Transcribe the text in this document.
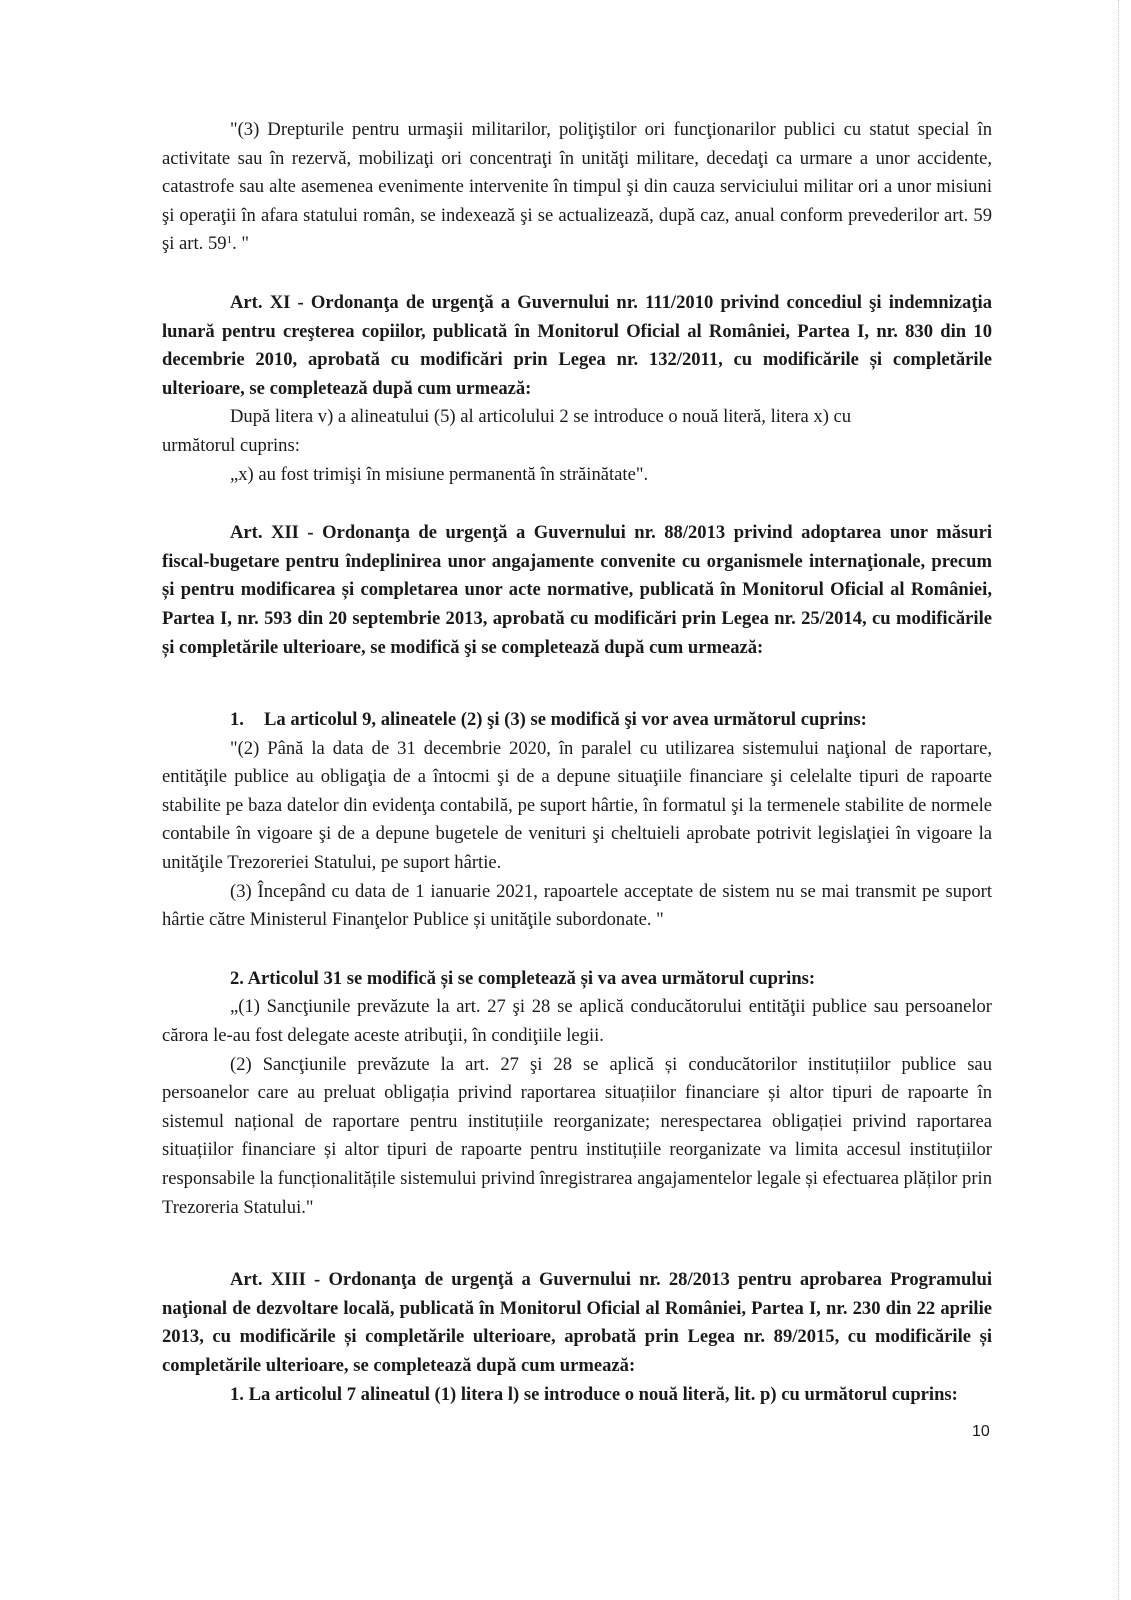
"(3) Drepturile pentru urmaşii militarilor, poliţiştilor ori funcţionarilor publici cu statut special în activitate sau în rezervă, mobilizaţi ori concentraţi în unităţi militare, decedaţi ca urmare a unor accidente, catastrofe sau alte asemenea evenimente intervenite în timpul şi din cauza serviciului militar ori a unor misiuni şi operaţii în afara statului român, se indexează şi se actualizează, după caz, anual conform prevederilor art. 59 şi art. $59^1$. "

Art. XI - Ordonanţa de urgenţă a Guvernului nr. 111/2010 privind concediul şi indemnizaţia lunară pentru creşterea copiilor, publicată în Monitorul Oficial al României, Partea I, nr. 830 din 10 decembrie 2010, aprobată cu modificări prin Legea nr. 132/2011, cu modificările și completările ulterioare, se completează după cum urmează:

După litera v) a alineatului (5) al articolului 2 se introduce o nouă literă, litera x) cu

următorul cuprins:

„x) au fost trimişi în misiune permanentă în străinătate".

Art. XII - Ordonanţa de urgenţă a Guvernului nr. 88/2013 privind adoptarea unor măsuri fiscal-bugetare pentru îndeplinirea unor angajamente convenite cu organismele internaţionale, precum și pentru modificarea și completarea unor acte normative, publicată în Monitorul Oficial al României, Partea I, nr. 593 din 20 septembrie 2013, aprobată cu modificări prin Legea nr. 25/2014, cu modificările și completările ulterioare, se modifică şi se completează după cum urmează:

1. La articolul 9, alineatele (2) şi (3) se modifică şi vor avea următorul cuprins:

"(2) Până la data de 31 decembrie 2020, în paralel cu utilizarea sistemului naţional de raportare, entităţile publice au obligaţia de a întocmi şi de a depune situaţiile financiare şi celelalte tipuri de rapoarte stabilite pe baza datelor din evidenţa contabilă, pe suport hârtie, în formatul şi la termenele stabilite de normele contabile în vigoare şi de a depune bugetele de venituri şi cheltuieli aprobate potrivit legislaţiei în vigoare la unităţile Trezoreriei Statului, pe suport hârtie.

(3) Începând cu data de 1 ianuarie 2021, rapoartele acceptate de sistem nu se mai transmit pe suport hârtie către Ministerul Finanţelor Publice și unităţile subordonate. "

2. Articolul 31 se modifică și se completează și va avea următorul cuprins:

„(1) Sancţiunile prevăzute la art. 27 şi 28 se aplică conducătorului entităţii publice sau persoanelor cărora le-au fost delegate aceste atribuţii, în condiţiile legii.

(2) Sancţiunile prevăzute la art. 27 şi 28 se aplică și conducătorilor instituțiilor publice sau persoanelor care au preluat obligația privind raportarea situațiilor financiare și altor tipuri de rapoarte în sistemul național de raportare pentru instituțiile reorganizate; nerespectarea obligației privind raportarea situațiilor financiare și altor tipuri de rapoarte pentru instituțiile reorganizate va limita accesul instituțiilor responsabile la funcționalitățile sistemului privind înregistrarea angajamentelor legale și efectuarea plăților prin Trezoreria Statului."

Art. XIII - Ordonanţa de urgenţă a Guvernului nr. 28/2013 pentru aprobarea Programului naţional de dezvoltare locală, publicată în Monitorul Oficial al României, Partea I, nr. 230 din 22 aprilie 2013, cu modificările și completările ulterioare, aprobată prin Legea nr. 89/2015, cu modificările și completările ulterioare, se completează după cum urmează:

1. La articolul 7 alineatul (1) litera l) se introduce o nouă literă, lit. p) cu următorul cuprins:

10
